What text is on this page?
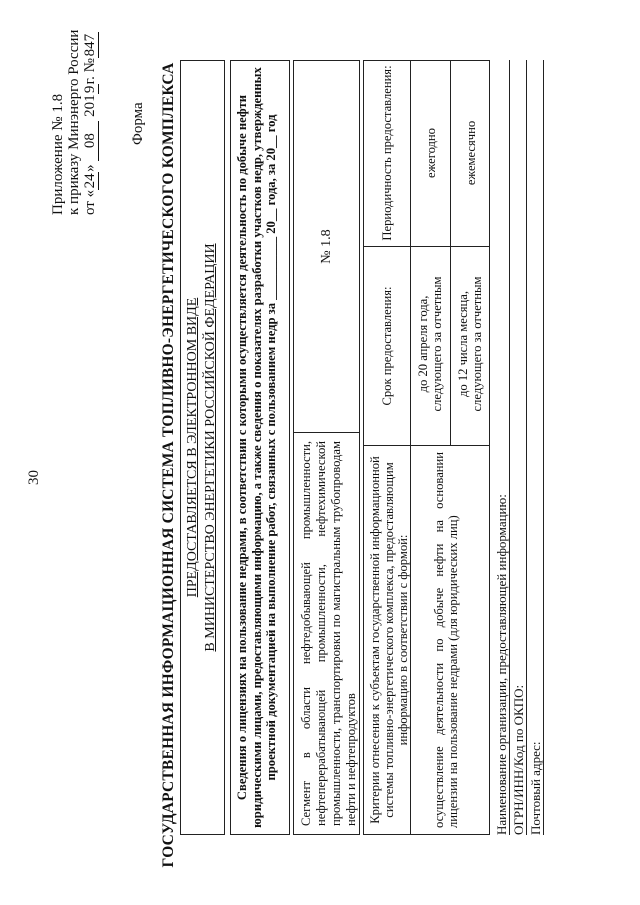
30
Приложение № 1.8 к приказу Минэнерго России от «24» 08 2019г. №847
Форма ГОСУДАРСТВЕННАЯ ИНФОРМАЦИОННАЯ СИСТЕМА ТОПЛИВНО-ЭНЕРГЕТИЧЕСКОГО КОМПЛЕКСА ПРЕДОСТАВЛЯЕТСЯ В ЭЛЕКТРОННОМ ВИДЕ В МИНИСТЕРСТВО ЭНЕРГЕТИКИ РОССИЙСКОЙ ФЕДЕРАЦИИ Сведения о лицензиях на пользование недрами, в соответствии с которыми осуществляется деятельность по добыче нефти юридическими лицами, предоставляющими информацию, а также сведения о показателях разработки участков недр, утвержденных проектной документацией на выполнение работ, связанных с пользованием недр за __________ 20__ года, за 20__ год	Сегмент в области нефтедобывающей промышленности, нефтеперерабатывающей промышленности, нефтехимической промышленности, транспортировки по магистральным трубопроводам нефти и нефтепродуктов
№ 1.8
Критерии отнесения к субъектам государственной информационной системы топливно-энергетического комплекса, предоставляющим информацию в соответствии с формой:
Срок предоставления:
Периодичность предоставления:
осуществление деятельности по добыче нефти на основании лицензии на пользование недрами (для юридических лиц)
до 20 апреля года, следующего за отчетным
ежегодно
до 12 числа месяца, следующего за отчетным
ежемесячно
Наименование организации, предоставляющей информацию: ОГРН/ИНН/Код по ОКПО: Почтовый адрес:
